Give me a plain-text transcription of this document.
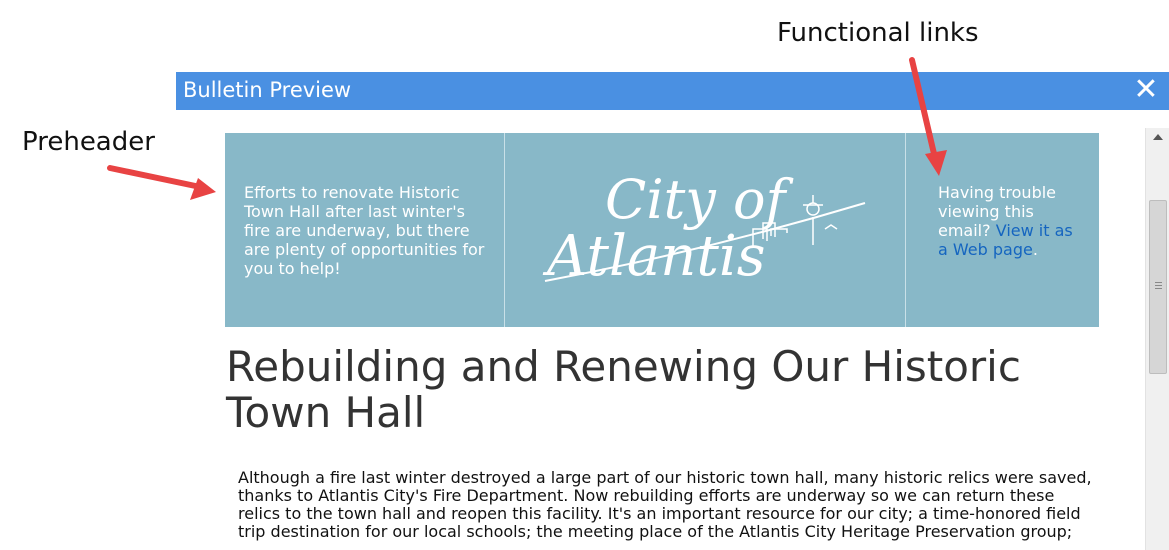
Preheader
Functional links
Bulletin Preview	✕
Efforts to renovate Historic Town Hall after last winter's fire are underway, but there are plenty of opportunities for you to help!
City of
Atlantis
Having trouble viewing this email? View it as a Web page.
Rebuilding and Renewing Our Historic Town Hall
Although a fire last winter destroyed a large part of our historic town hall, many historic relics were saved,
thanks to Atlantis City's Fire Department. Now rebuilding efforts are underway so we can return these
relics to the town hall and reopen this facility. It's an important resource for our city; a time-honored field
trip destination for our local schools; the meeting place of the Atlantis City Heritage Preservation group;
